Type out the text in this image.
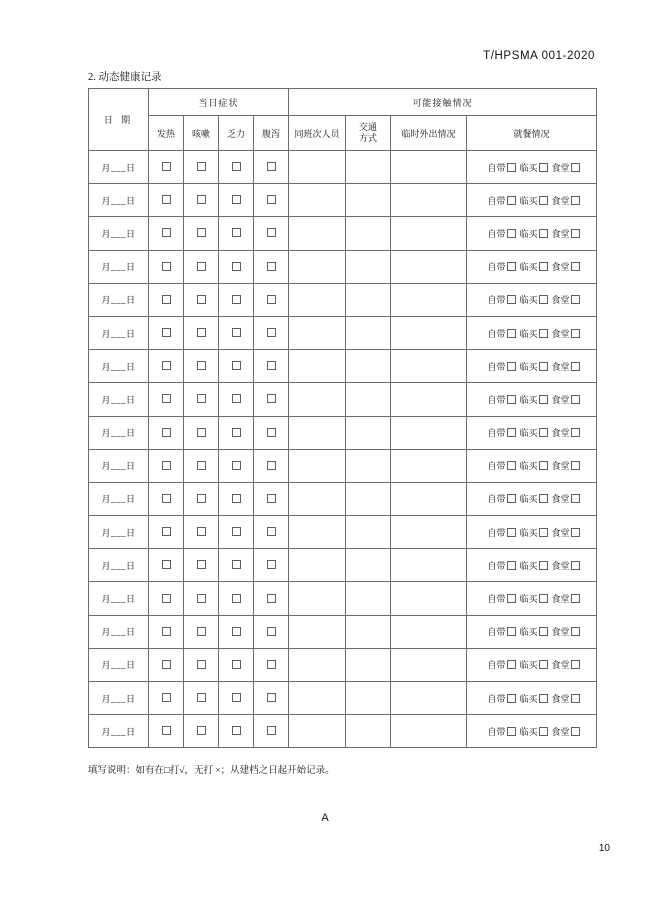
T/HPSMA 001-2020
2. 动态健康记录
日 期	当日症状				可能接触情况			
	发热	咳嗽	乏力	腹泻	同班次人员	交通
方式	临时外出情况	就餐情况
月___日								自带 临买 食堂
月___日								自带 临买 食堂
月___日								自带 临买 食堂
月___日								自带 临买 食堂
月___日								自带 临买 食堂
月___日								自带 临买 食堂
月___日								自带 临买 食堂
月___日								自带 临买 食堂
月___日								自带 临买 食堂
月___日								自带 临买 食堂
月___日								自带 临买 食堂
月___日								自带 临买 食堂
月___日								自带 临买 食堂
月___日								自带 临买 食堂
月___日								自带 临买 食堂
月___日								自带 临买 食堂
月___日								自带 临买 食堂
月___日								自带 临买 食堂
填写说明：如有在□打√，无打 ×；从建档之日起开始记录。
A
10
